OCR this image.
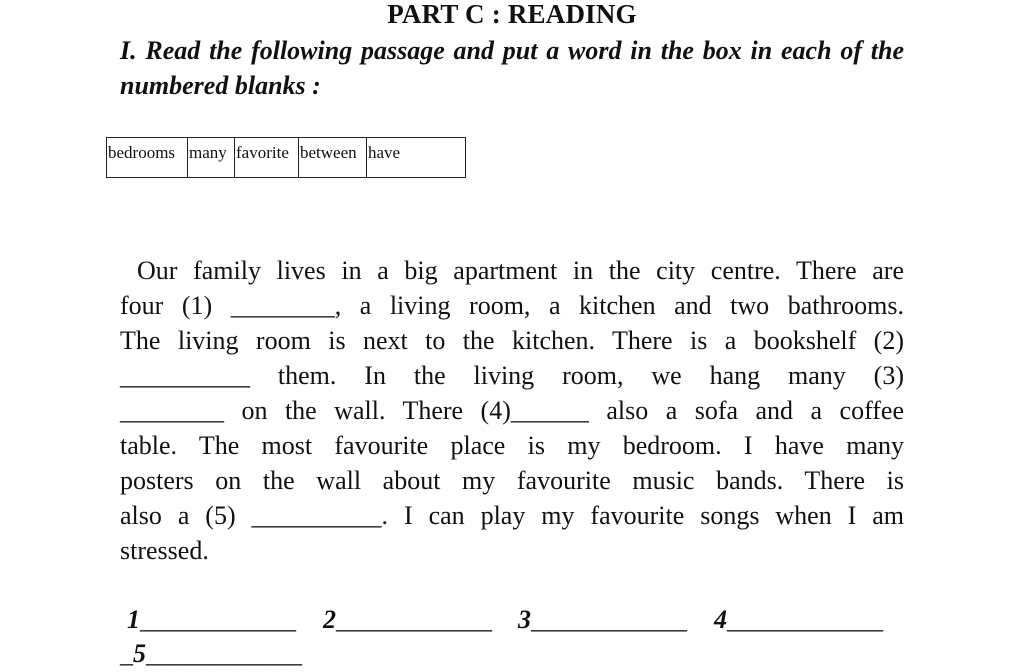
PART C : READING
I. Read the following passage and put a word in the box in each of the numbered blanks :
bedrooms many favorite between have
Our family lives in a big apartment in the city centre. There are
four (1) ________, a living room, a kitchen and two bathrooms.
The living room is next to the kitchen. There is a bookshelf (2)
__________ them. In the living room, we hang many (3)
________ on the wall. There (4)______ also a sofa and a coffee
table. The most favourite place is my bedroom. I have many
posters on the wall about my favourite music bands. There is
also a (5) __________. I can play my favourite songs when I am
stressed.
1____________ 2____________ 3____________ 4____________
_5____________
